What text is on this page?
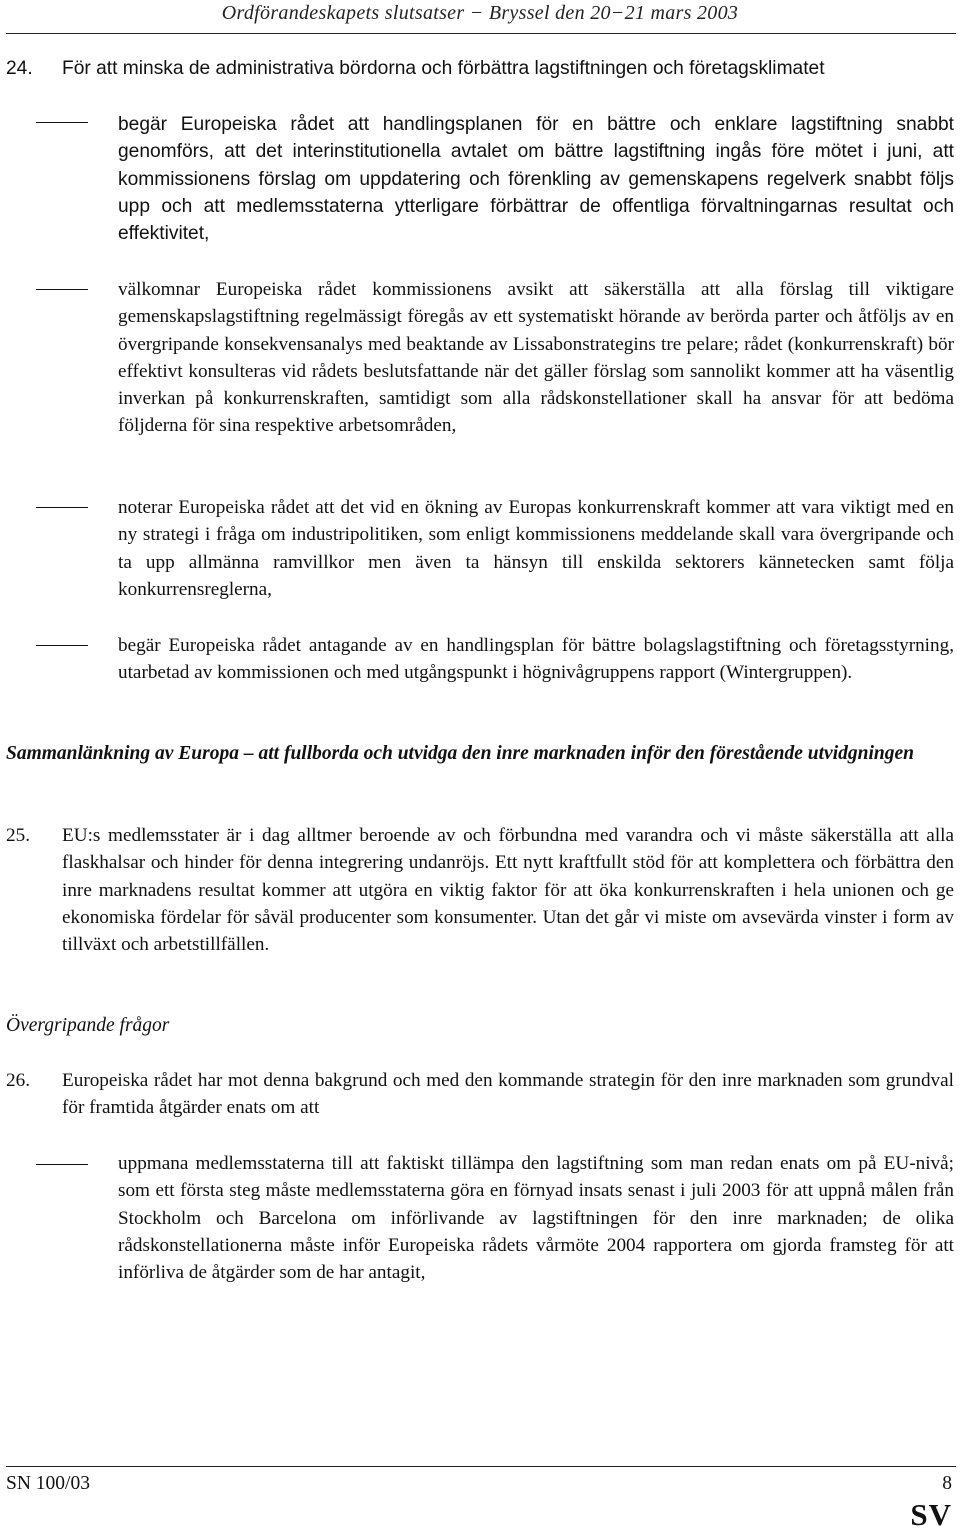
Ordförandeskapets slutsatser − Bryssel den 20−21 mars 2003
24. För att minska de administrativa bördorna och förbättra lagstiftningen och företagsklimatet
begär Europeiska rådet att handlingsplanen för en bättre och enklare lagstiftning snabbt genomförs, att det interinstitutionella avtalet om bättre lagstiftning ingås före mötet i juni, att kommissionens förslag om uppdatering och förenkling av gemenskapens regelverk snabbt följs upp och att medlemsstaterna ytterligare förbättrar de offentliga förvaltningarnas resultat och effektivitet,
välkomnar Europeiska rådet kommissionens avsikt att säkerställa att alla förslag till viktigare gemenskapslagstiftning regelmässigt föregås av ett systematiskt hörande av berörda parter och åtföljs av en övergripande konsekvensanalys med beaktande av Lissabonstrategins tre pelare; rådet (konkurrenskraft) bör effektivt konsulteras vid rådets beslutsfattande när det gäller förslag som sannolikt kommer att ha väsentlig inverkan på konkurrenskraften, samtidigt som alla rådskonstellationer skall ha ansvar för att bedöma följderna för sina respektive arbetsområden,
noterar Europeiska rådet att det vid en ökning av Europas konkurrenskraft kommer att vara viktigt med en ny strategi i fråga om industripolitiken, som enligt kommissionens meddelande skall vara övergripande och ta upp allmänna ramvillkor men även ta hänsyn till enskilda sektorers kännetecken samt följa konkurrensreglerna,
begär Europeiska rådet antagande av en handlingsplan för bättre bolagslagstiftning och företagsstyrning, utarbetad av kommissionen och med utgångspunkt i högnivågruppens rapport (Wintergruppen).
Sammanlänkning av Europa – att fullborda och utvidga den inre marknaden inför den förestående utvidgningen
25. EU:s medlemsstater är i dag alltmer beroende av och förbundna med varandra och vi måste säkerställa att alla flaskhalsar och hinder för denna integrering undanröjs. Ett nytt kraftfullt stöd för att komplettera och förbättra den inre marknadens resultat kommer att utgöra en viktig faktor för att öka konkurrenskraften i hela unionen och ge ekonomiska fördelar för såväl producenter som konsumenter. Utan det går vi miste om avsevärda vinster i form av tillväxt och arbetstillfällen.
Övergripande frågor
26. Europeiska rådet har mot denna bakgrund och med den kommande strategin för den inre marknaden som grundval för framtida åtgärder enats om att
uppmana medlemsstaterna till att faktiskt tillämpa den lagstiftning som man redan enats om på EU-nivå; som ett första steg måste medlemsstaterna göra en förnyad insats senast i juli 2003 för att uppnå målen från Stockholm och Barcelona om införlivande av lagstiftningen för den inre marknaden; de olika rådskonstellationerna måste inför Europeiska rådets vårmöte 2004 rapportera om gjorda framsteg för att införliva de åtgärder som de har antagit,
SN 100/03	8
SV
